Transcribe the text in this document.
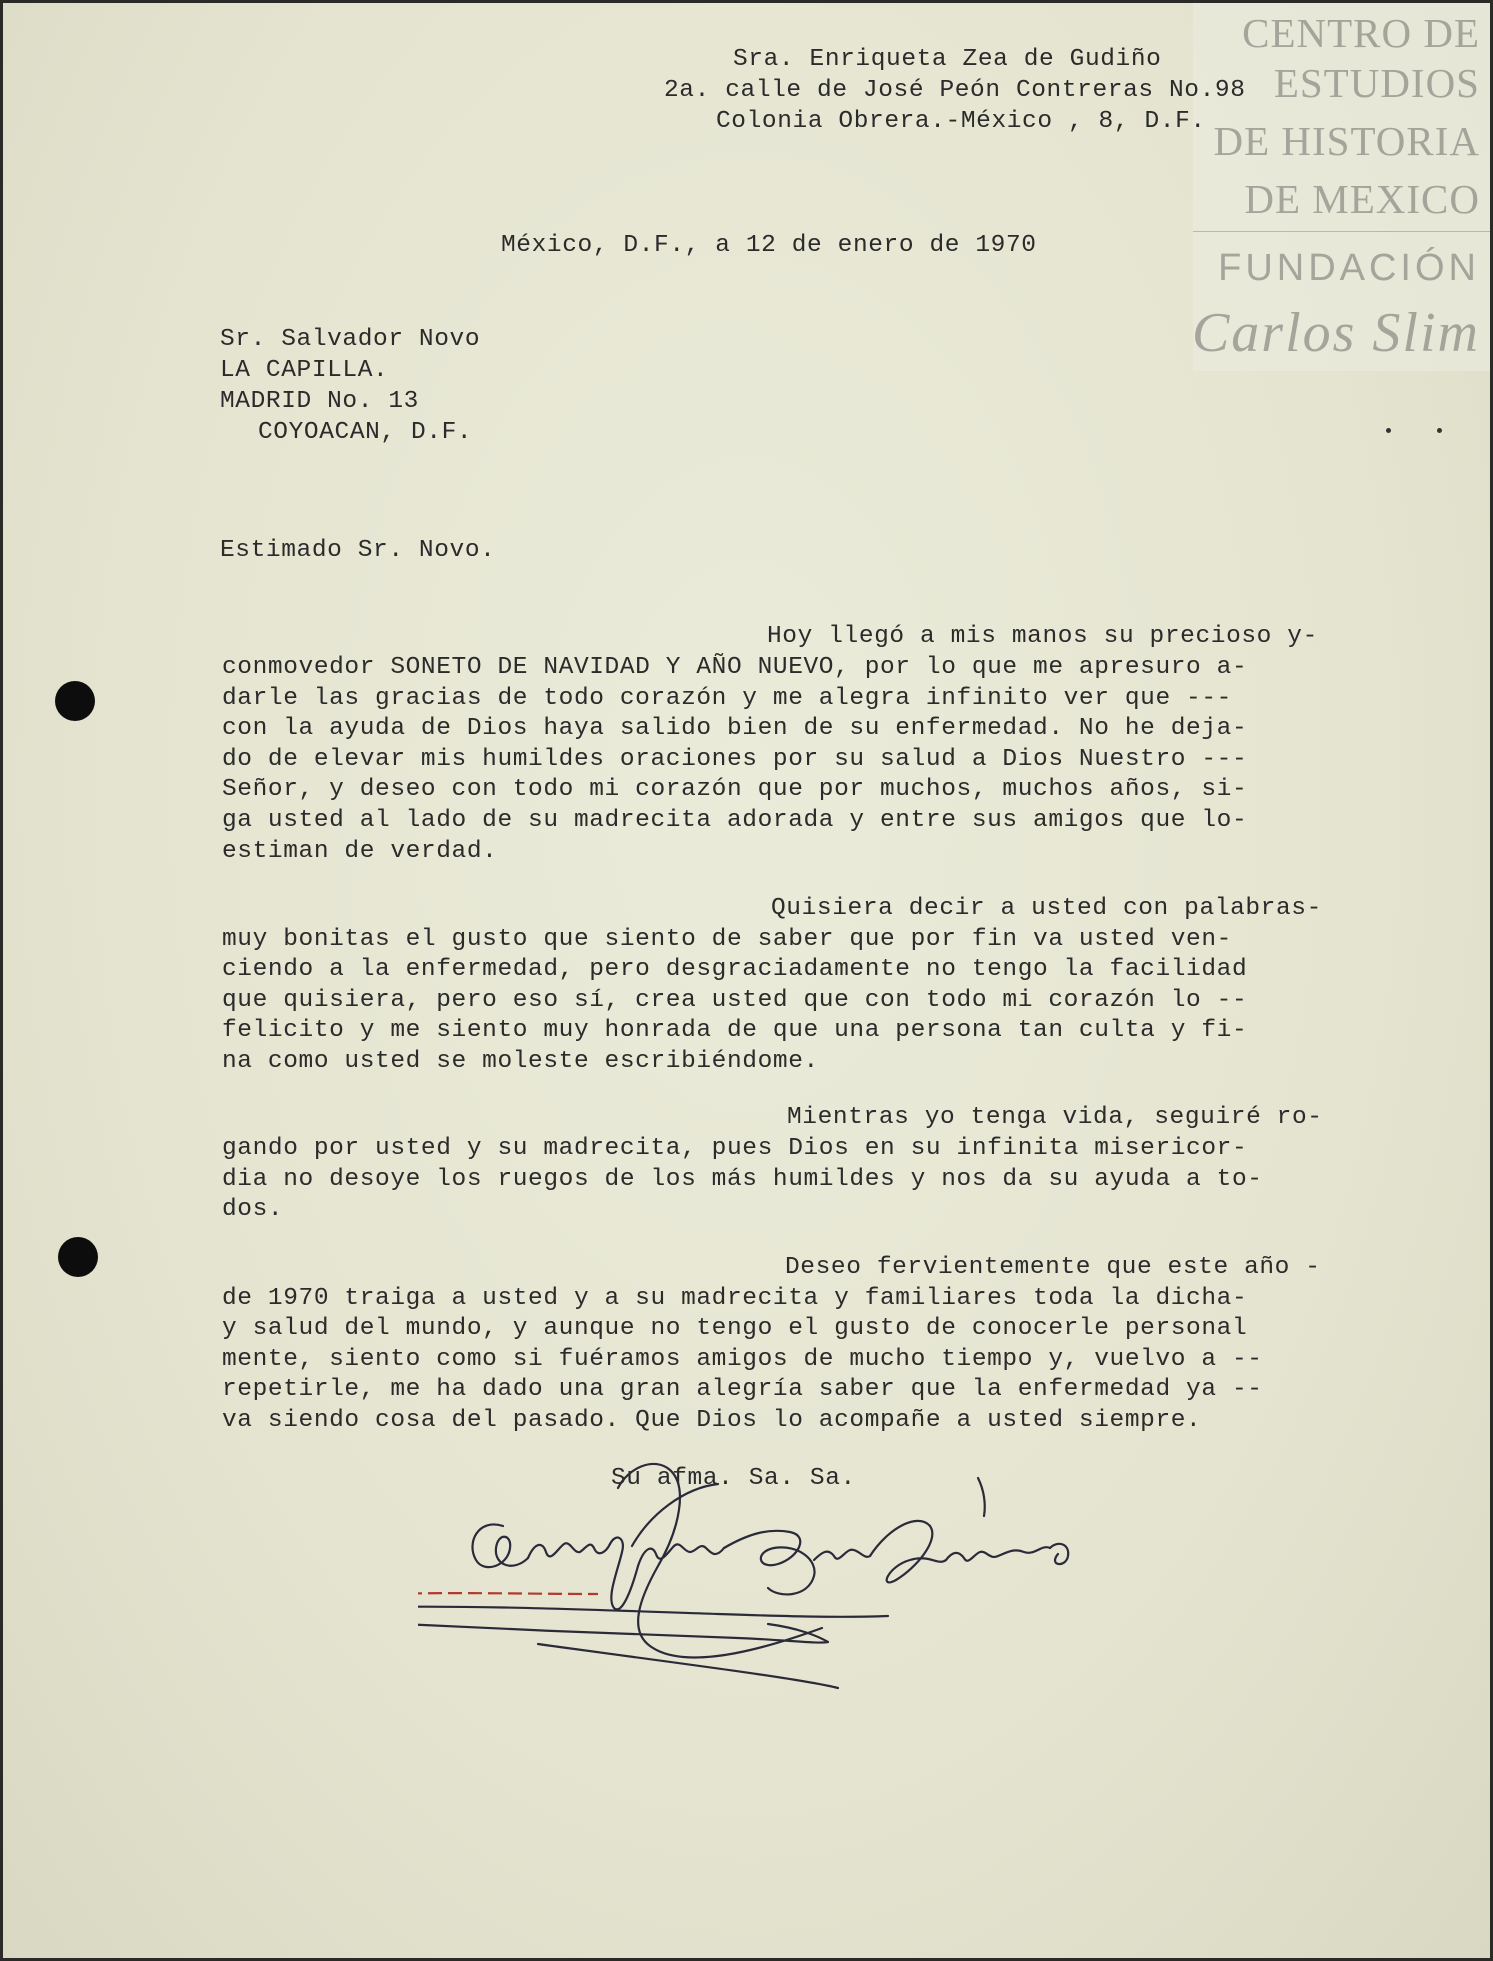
CENTRO DE
ESTUDIOS
DE HISTORIA
DE MEXICO
FUNDACIÓN
Carlos Slim
Sra. Enriqueta Zea de Gudiño
2a. calle de José Peón Contreras No.98
Colonia Obrera.-México , 8, D.F.
México, D.F., a 12 de enero de 1970
Sr. Salvador Novo
LA CAPILLA.
MADRID No. 13
COYOACAN, D.F.
Estimado Sr. Novo.
Hoy llegó a mis manos su precioso y-
conmovedor SONETO DE NAVIDAD Y AÑO NUEVO, por lo que me apresuro a-
darle las gracias de todo corazón y me alegra infinito ver que ---
con la ayuda de Dios haya salido bien de su enfermedad. No he deja-
do de elevar mis humildes oraciones por su salud a Dios Nuestro ---
Señor, y deseo con todo mi corazón que por muchos, muchos años, si-
ga usted al lado de su madrecita adorada y entre sus amigos que lo-
estiman de verdad.
Quisiera decir a usted con palabras-
muy bonitas el gusto que siento de saber que por fin va usted ven-
ciendo a la enfermedad, pero desgraciadamente no tengo la facilidad
que quisiera, pero eso sí, crea usted que con todo mi corazón lo --
felicito y me siento muy honrada de que una persona tan culta y fi-
na como usted se moleste escribiéndome.
Mientras yo tenga vida, seguiré ro-
gando por usted y su madrecita, pues Dios en su infinita misericor-
dia no desoye los ruegos de los más humildes y nos da su ayuda a to-
dos.
Deseo fervientemente que este año -
de 1970 traiga a usted y a su madrecita y familiares toda la dicha-
y salud del mundo, y aunque no tengo el gusto de conocerle personal
mente, siento como si fuéramos amigos de mucho tiempo y, vuelvo a --
repetirle, me ha dado una gran alegría saber que la enfermedad ya --
va siendo cosa del pasado. Que Dios lo acompañe a usted siempre.
Su afma. Sa. Sa.
